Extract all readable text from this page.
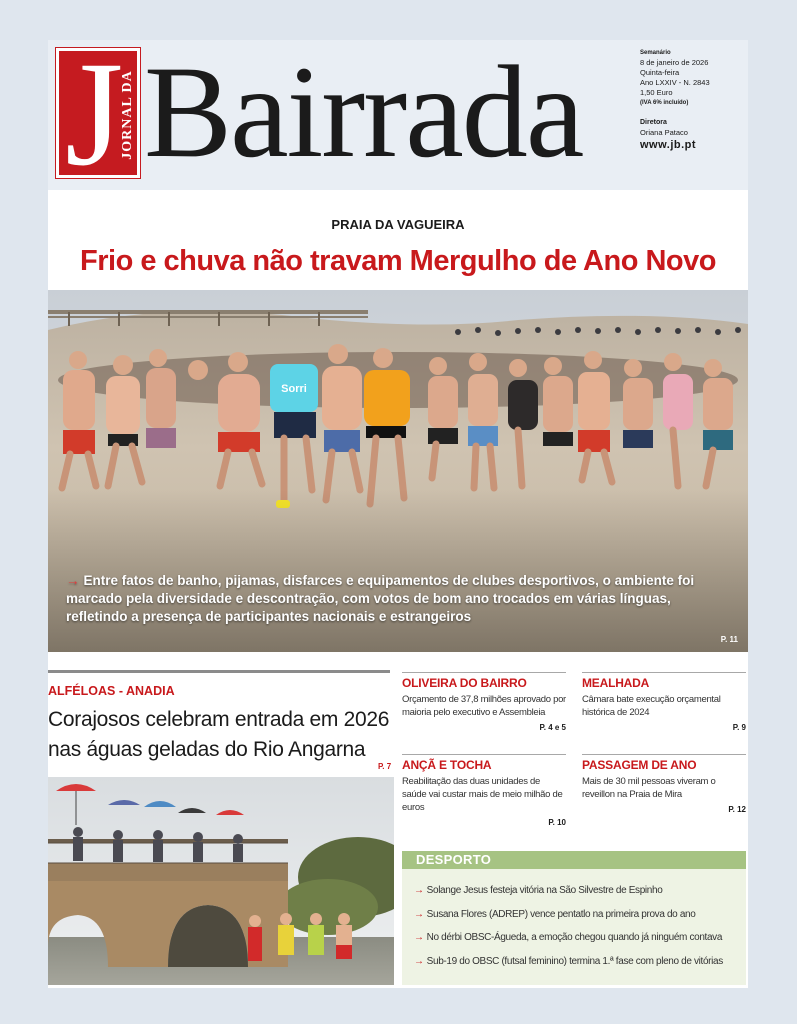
J
JORNAL DA Bairrada	Semanário
8 de janeiro de 2026
Quinta-feira
Ano LXXIV - N. 2843
1,50 Euro
(IVA 6% incluído)
Diretora
Oriana Pataco
www.jb.pt
PRAIA DA VAGUEIRA
Frio e chuva não travam Mergulho de Ano Novo
→ Entre fatos de banho, pijamas, disfarces e equipamentos de clubes desportivos, o ambiente foi marcado pela diversidade e descontração, com votos de bom ano trocados em várias línguas, refletindo a presença de participantes nacionais e estrangeiros
P. 11
ALFÉLOAS - ANADIA
Corajosos celebram entrada em 2026 nas águas geladas do Rio Angarna
P. 7
OLIVEIRA DO BAIRRO

Orçamento de 37,8 milhões aprovado por maioria pelo executivo e Assembleia

P. 4 e 5
MEALHADA

Câmara bate execução orçamental histórica de 2024

P. 9
ANÇÃ E TOCHA

Reabilitação das duas unidades de saúde vai custar mais de meio milhão de euros

P. 10
PASSAGEM DE ANO

Mais de 30 mil pessoas viveram o reveillon na Praia de Mira

P. 12
DESPORTO
→ Solange Jesus festeja vitória na São Silvestre de Espinho
→ Susana Flores (ADREP) vence pentatlo na primeira prova do ano
→ No dérbi OBSC-Águeda, a emoção chegou quando já ninguém contava
→ Sub-19 do OBSC (futsal feminino) termina 1.ª fase com pleno de vitórias
